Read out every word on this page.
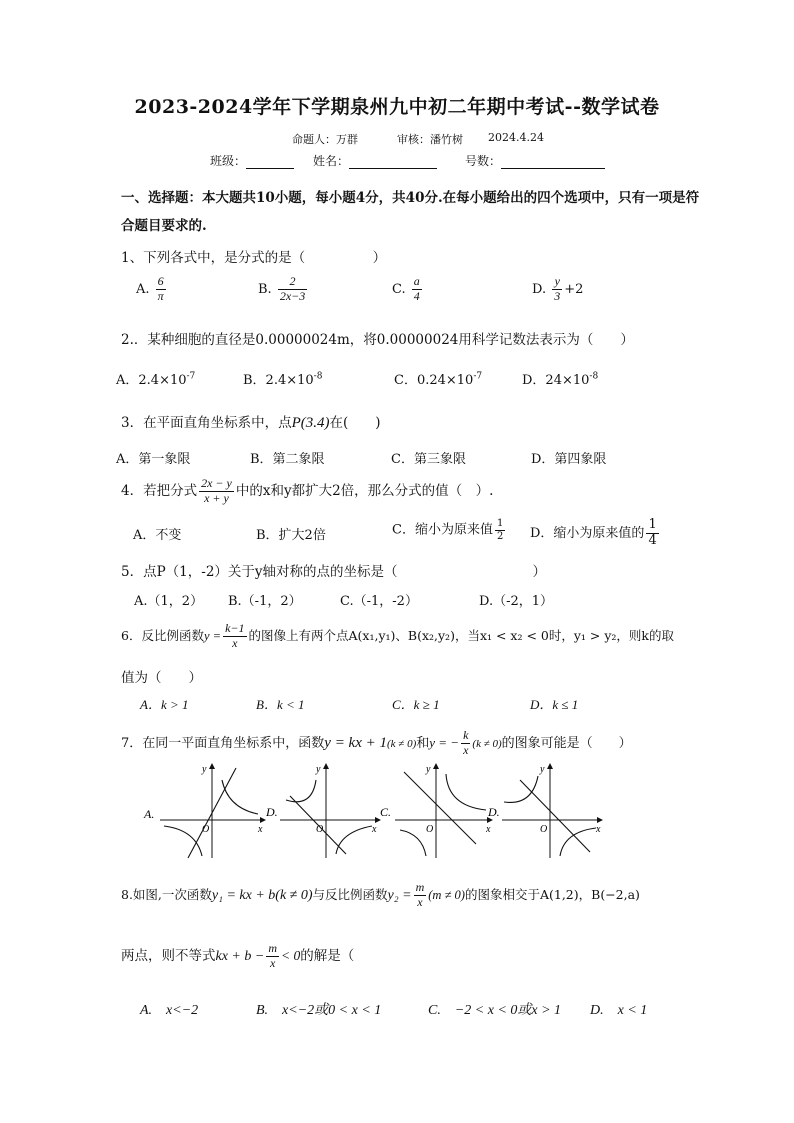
2023-2024学年下学期泉州九中初二年期中考试--数学试卷
命题人：万群	审核：潘竹树 2024.4.24
班级：	姓名：	号数：
一、选择题：本大题共10小题，每小题4分，共40分.在每小题给出的四个选项中，只有一项是符
合题目要求的.
1、下列各式中，是分式的是（　　　　　）
A. $\frac{6}{\pi}$	B. $\frac{2}{2x-3}$	C. $\frac{a}{4}$	D. $\frac{y}{3} +2$
2.．某种细胞的直径是0.00000024m，将0.00000024用科学记数法表示为（　　）
A．$2.4\times 10^{-7}$	B．$2.4\times 10^{-8}$	C．$0.24\times 10^{-7}$	D．$24\times 10^{-8}$
3．在平面直角坐标系中，点P(3.4)在(　　)
A．第一象限	B．第二象限	C．第三象限	D．第四象限
4．若把分式 $\frac{2x - y}{x + y}$ 中的x和y都扩大2倍，那么分式的值（　）.
A．不变	B．扩大2倍	C．缩小为原来值 $\frac{1}{2}$ D．缩小为原来值的 $\frac{1}{4}$
5．点P（1，-2）关于y轴对称的点的坐标是（　　　　　　　　　　）
A.（1，2） B.（-1，2）	C.（-1，-2）	D.（-2，1）
6．反比例函数$y = \frac{k-1}{x}$ 的图像上有两个点A(x₁,y₁)、B(x₂,y₂)，当x₁ < x₂ < 0时，y₁ > y₂，则k的取
值为（　　）
A．k > 1	B．k < 1	C．k ≥ 1	D．k ≤ 1
7．在同一平面直角坐标系中，函数y = kx + 1(k ≠ 0)和y = − $\frac{k}{x} (k \ne 0)$的图象可能是（　　）
A.
y
x
O
D.
y
x
O
C.
y
x
O
D.
y
x
O
8.如图,一次函数y₁ = kx + b(k ≠ 0)与反比例函数$y_2 = \frac{m}{x} (m \ne 0)$的图象相交于A(1,2)，B(−2,a)
两点，则不等式kx + $b - \frac{m}{x} < 0$的解是（
A.　x<−2	B.　x<−2或0 < x < 1	C.　−2 < x < 0或x > 1 D.　x < 1
